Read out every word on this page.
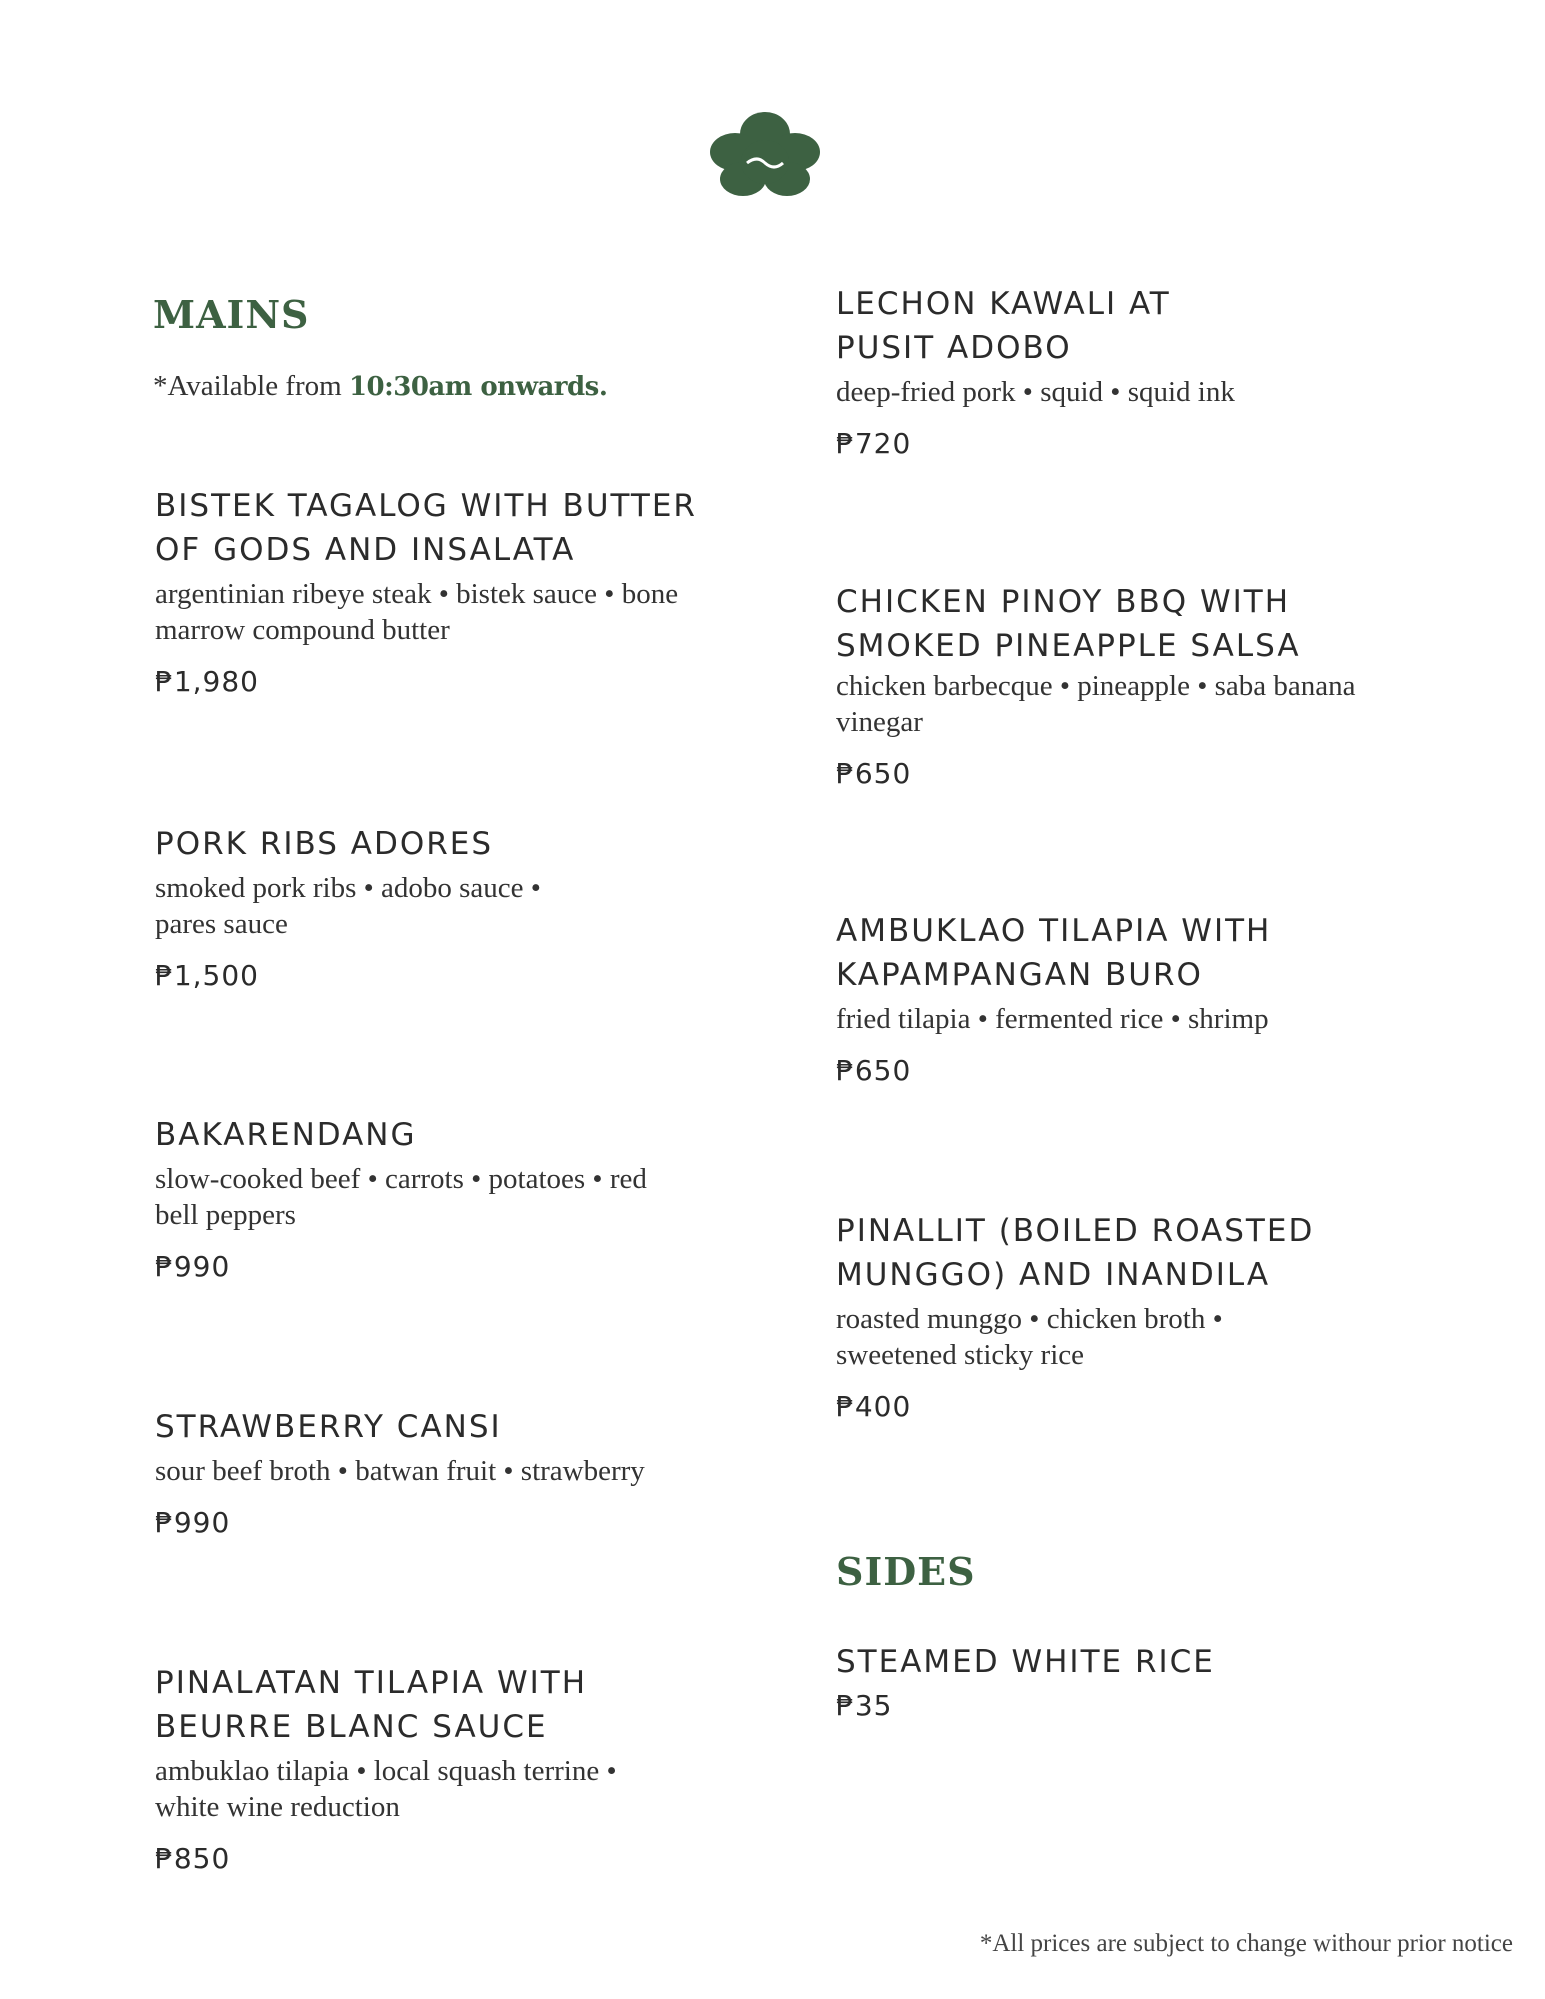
MAINS

*Available from 10:30am onwards.

BISTEK TAGALOG WITH BUTTER OF GODS AND INSALATA

argentinian ribeye steak • bistek sauce • bone marrow compound butter

₱1,980

PORK RIBS ADORES

smoked pork ribs • adobo sauce • pares sauce

₱1,500

BAKARENDANG

slow-cooked beef • carrots • potatoes • red bell peppers

₱990

STRAWBERRY CANSI

sour beef broth • batwan fruit • strawberry

₱990

PINALATAN TILAPIA WITH BEURRE BLANC SAUCE

ambuklao tilapia • local squash terrine • white wine reduction

₱850

LECHON KAWALI AT PUSIT ADOBO

deep-fried pork • squid • squid ink

₱720

CHICKEN PINOY BBQ WITH SMOKED PINEAPPLE SALSA

chicken barbecque • pineapple • saba banana vinegar

₱650

AMBUKLAO TILAPIA WITH KAPAMPANGAN BURO

fried tilapia • fermented rice • shrimp

₱650

PINALLIT (BOILED ROASTED MUNGGO) AND INANDILA

roasted munggo • chicken broth • sweetened sticky rice

₱400

SIDES
STEAMED WHITE RICE

₱35

*All prices are subject to change withour prior notice
